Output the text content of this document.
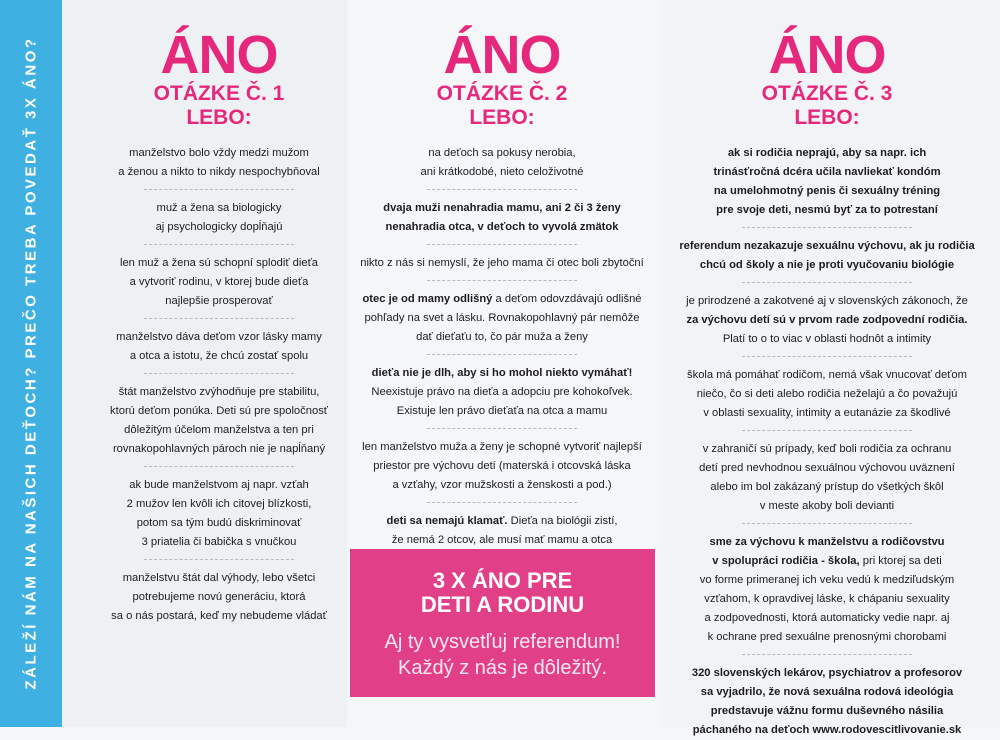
ZÁLEŽÍ NÁM NA NAŠICH DEŤOCH? PREČO TREBA POVEDAŤ 3X ÁNO?	ÁNO
OTÁZKE Č. 1
LEBO:

manželstvo bolo vždy medzi mužom

a ženou a nikto to nikdy nespochybňoval

muž a žena sa biologicky

aj psychologicky dopĺňajú

len muž a žena sú schopní splodiť dieťa

a vytvoriť rodinu, v ktorej bude dieťa

najlepšie prosperovať

manželstvo dáva deťom vzor lásky mamy

a otca a istotu, že chcú zostať spolu

štát manželstvo zvýhodňuje pre stabilitu,

ktorú deťom ponúka. Deti sú pre spoločnosť

dôležitým účelom manželstva a ten pri

rovnakopohlavných pároch nie je napĺňaný

ak bude manželstvom aj napr. vzťah

2 mužov len kvôli ich citovej blízkosti,

potom sa tým budú diskriminovať

3 priatelia či babička s vnučkou

manželstvu štát dal výhody, lebo všetci

potrebujeme novú generáciu, ktorá

sa o nás postará, keď my nebudeme vládať

ÁNO
OTÁZKE Č. 2
LEBO:

na deťoch sa pokusy nerobia,

ani krátkodobé, nieto celoživotné

dvaja muži nenahradia mamu, ani 2 či 3 ženy

nenahradia otca, v deťoch to vyvolá zmätok

nikto z nás si nemyslí, že jeho mama či otec boli zbytoční

otec je od mamy odlišný a deťom odovzdávajú odlišné

pohľady na svet a lásku. Rovnakopohlavný pár nemôže

dať dieťaťu to, čo pár muža a ženy

dieťa nie je dlh, aby si ho mohol niekto vymáhať!

Neexistuje právo na dieťa a adopciu pre kohokoľvek.

Existuje len právo dieťaťa na otca a mamu

len manželstvo muža a ženy je schopné vytvoriť najlepší

priestor pre výchovu detí (materská i otcovská láska

a vzťahy, vzor mužskosti a ženskosti a pod.)

deti sa nemajú klamať. Dieťa na biológii zistí,

že nemá 2 otcov, ale musí mať mamu a otca

3 X ÁNO PRE
DETI A RODINU
Aj ty vysvetľuj referendum!
Každý z nás je dôležitý.
ÁNO
OTÁZKE Č. 3
LEBO:

ak si rodičia neprajú, aby sa napr. ich

trinásťročná dcéra učila navliekať kondóm

na umelohmotný penis či sexuálny tréning

pre svoje deti, nesmú byť za to potrestaní

referendum nezakazuje sexuálnu výchovu, ak ju rodičia

chcú od školy a nie je proti vyučovaniu biológie

je prirodzené a zakotvené aj v slovenských zákonoch, že

za výchovu detí sú v prvom rade zodpovední rodičia.

Platí to o to viac v oblasti hodnôt a intimity

škola má pomáhať rodičom, nemá však vnucovať deťom

niečo, čo si deti alebo rodičia neželajú a čo považujú

v oblasti sexuality, intimity a eutanázie za škodlivé

v zahraničí sú prípady, keď boli rodičia za ochranu

detí pred nevhodnou sexuálnou výchovou uväznení

alebo im bol zakázaný prístup do všetkých škôl

v meste akoby boli devianti

sme za výchovu k manželstvu a rodičovstvu

v spolupráci rodičia - škola, pri ktorej sa deti

vo forme primeranej ich veku vedú k medziľudským

vzťahom, k opravdivej láske, k chápaniu sexuality

a zodpovednosti, ktorá automaticky vedie napr. aj

k ochrane pred sexuálne prenosnými chorobami

320 slovenských lekárov, psychiatrov a profesorov

sa vyjadrilo, že nová sexuálna rodová ideológia

predstavuje vážnu formu duševného násilia

páchaného na deťoch www.rodovescitlivovanie.sk
